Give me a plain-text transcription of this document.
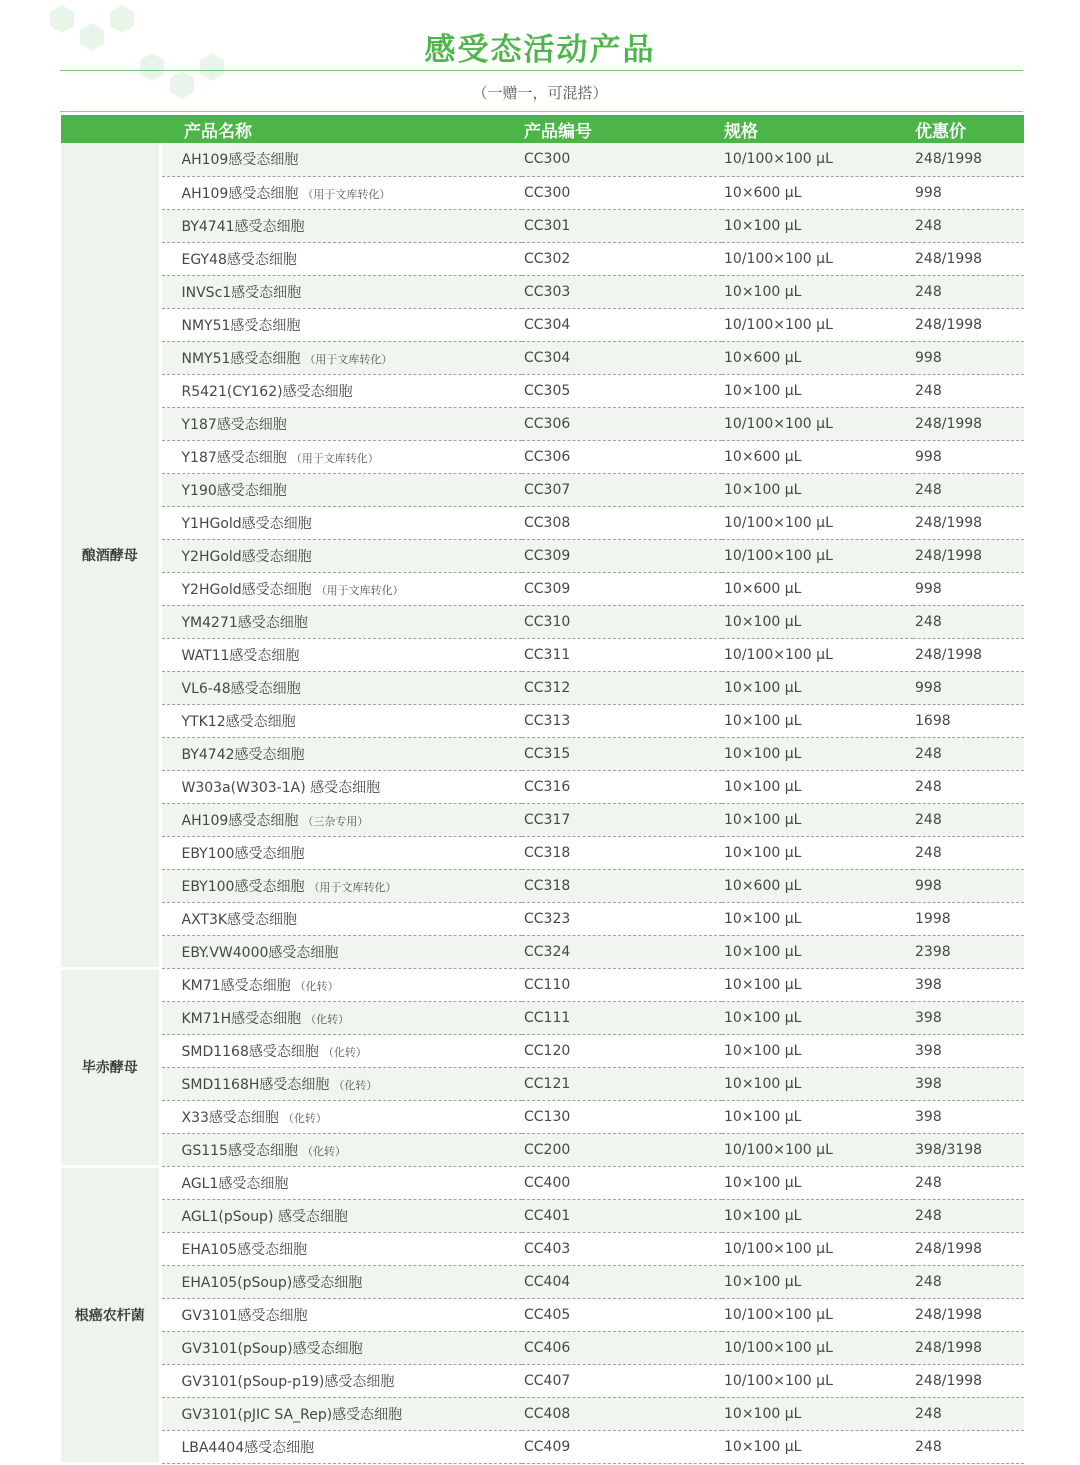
感受态活动产品
（一赠一，可混搭）
	产品名称	产品编号	规格	优惠价
酿酒酵母	AH109感受态细胞	CC300	10/100×100 μL	248/1998
	AH109感受态细胞 （用于文库转化）	CC300	10×600 μL	998
	BY4741感受态细胞	CC301	10×100 μL	248
	EGY48感受态细胞	CC302	10/100×100 μL	248/1998
	INVSc1感受态细胞	CC303	10×100 μL	248
	NMY51感受态细胞	CC304	10/100×100 μL	248/1998
	NMY51感受态细胞 （用于文库转化）	CC304	10×600 μL	998
	R5421(CY162)感受态细胞	CC305	10×100 μL	248
	Y187感受态细胞	CC306	10/100×100 μL	248/1998
	Y187感受态细胞 （用于文库转化）	CC306	10×600 μL	998
	Y190感受态细胞	CC307	10×100 μL	248
	Y1HGold感受态细胞	CC308	10/100×100 μL	248/1998
	Y2HGold感受态细胞	CC309	10/100×100 μL	248/1998
	Y2HGold感受态细胞 （用于文库转化）	CC309	10×600 μL	998
	YM4271感受态细胞	CC310	10×100 μL	248
	WAT11感受态细胞	CC311	10/100×100 μL	248/1998
	VL6-48感受态细胞	CC312	10×100 μL	998
	YTK12感受态细胞	CC313	10×100 μL	1698
	BY4742感受态细胞	CC315	10×100 μL	248
	W303a(W303-1A) 感受态细胞	CC316	10×100 μL	248
	AH109感受态细胞 （三杂专用）	CC317	10×100 μL	248
	EBY100感受态细胞	CC318	10×100 μL	248
	EBY100感受态细胞 （用于文库转化）	CC318	10×600 μL	998
	AXT3K感受态细胞	CC323	10×100 μL	1998
	EBY.VW4000感受态细胞	CC324	10×100 μL	2398
毕赤酵母	KM71感受态细胞 （化转）	CC110	10×100 μL	398
	KM71H感受态细胞 （化转）	CC111	10×100 μL	398
	SMD1168感受态细胞 （化转）	CC120	10×100 μL	398
	SMD1168H感受态细胞 （化转）	CC121	10×100 μL	398
	X33感受态细胞 （化转）	CC130	10×100 μL	398
	GS115感受态细胞 （化转）	CC200	10/100×100 μL	398/3198
根癌农杆菌	AGL1感受态细胞	CC400	10×100 μL	248
	AGL1(pSoup) 感受态细胞	CC401	10×100 μL	248
	EHA105感受态细胞	CC403	10/100×100 μL	248/1998
	EHA105(pSoup)感受态细胞	CC404	10×100 μL	248
	GV3101感受态细胞	CC405	10/100×100 μL	248/1998
	GV3101(pSoup)感受态细胞	CC406	10/100×100 μL	248/1998
	GV3101(pSoup-p19)感受态细胞	CC407	10/100×100 μL	248/1998
	GV3101(pJIC SA_Rep)感受态细胞	CC408	10×100 μL	248
	LBA4404感受态细胞	CC409	10×100 μL	248
